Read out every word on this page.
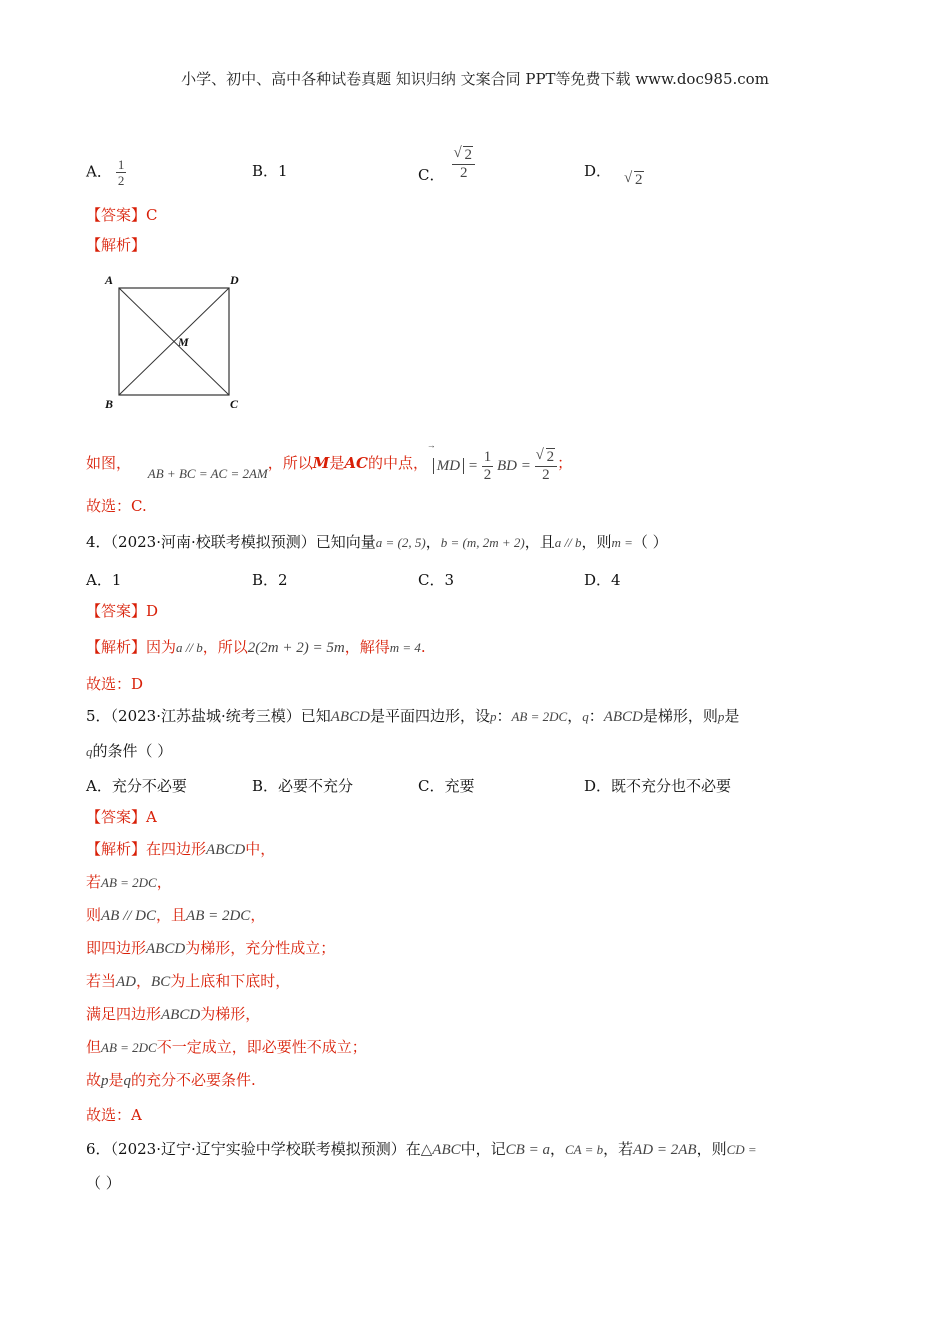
小学、初中、高中各种试卷真题 知识归纳 文案合同 PPT等免费下载 www.doc985.com
A． $\frac{1}{2}$	B．1	C． √ $\frac{2}{2}$	D． √ 2
【答案】C
【解析】
A	D
B	C
M
如图， AB + BC = AC = 2AM，所以M是AC的中点，
→
MD = $\frac{1}{2}$ BD = √ $\frac{2}{2}$ ；
故选：C.
4．（2023·河南·校联考模拟预测）已知向量a = (2, 5)，b = (m, 2m + 2)，且a // b，则m =（ ）
A．1	B．2	C．3	D．4
【答案】D
【解析】因为a // b，所以2(2m + 2) = 5m，解得m = 4.
故选：D
5．（2023·江苏盐城·统考三模）已知ABCD是平面四边形，设p：AB = 2DC，q：ABCD是梯形，则p是
q的条件（ ）
A．充分不必要	B．必要不充分	C．充要	D．既不充分也不必要
【答案】A
【解析】在四边形ABCD中，
若AB = 2DC，
则AB // DC，且AB = 2DC，
即四边形ABCD为梯形，充分性成立；
若当AD，BC为上底和下底时，
满足四边形ABCD为梯形，
但AB = 2DC不一定成立，即必要性不成立；
故p是q的充分不必要条件.
故选：A
6．（2023·辽宁·辽宁实验中学校联考模拟预测）在△ABC中，记CB = a，CA = b，若AD = 2AB，则CD =
（ ）
